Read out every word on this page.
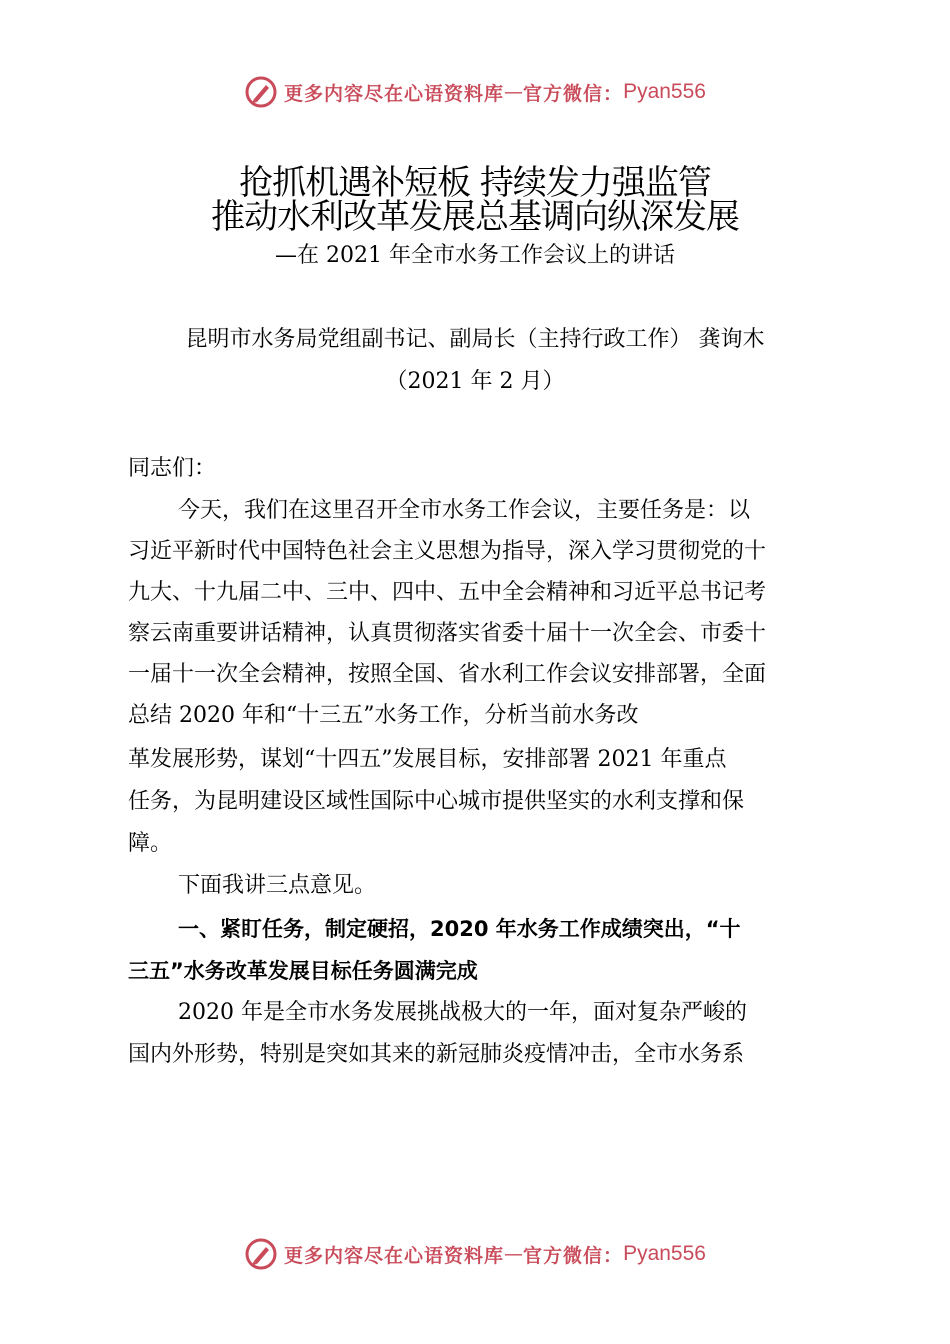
更多内容尽在心语资料库 — 官方微信： Pyan556
抢抓机遇补短板 持续发力强监管
推动水利改革发展总基调向纵深发展
—在 2021 年全市水务工作会议上的讲话
昆明市水务局党组副书记、副局长（主持行政工作） 龚询木
（2021 年 2 月）
同志们：
今天，我们在这里召开全市水务工作会议，主要任务是：以
习近平新时代中国特色社会主义思想为指导，深入学习贯彻党的十
九大、十九届二中、三中、四中、五中全会精神和习近平总书记考
察云南重要讲话精神，认真贯彻落实省委十届十一次全会、市委十
一届十一次全会精神，按照全国、省水利工作会议安排部署，全面
总结 2020 年和“十三五”水务工作，分析当前水务改
革发展形势，谋划“十四五”发展目标，安排部署 2021 年重点
任务，为昆明建设区域性国际中心城市提供坚实的水利支撑和保
障。
下面我讲三点意见。
一、紧盯任务，制定硬招，2020 年水务工作成绩突出，“十
三五”水务改革发展目标任务圆满完成
2020 年是全市水务发展挑战极大的一年，面对复杂严峻的
国内外形势，特别是突如其来的新冠肺炎疫情冲击，全市水务系
更多内容尽在心语资料库 — 官方微信： Pyan556
